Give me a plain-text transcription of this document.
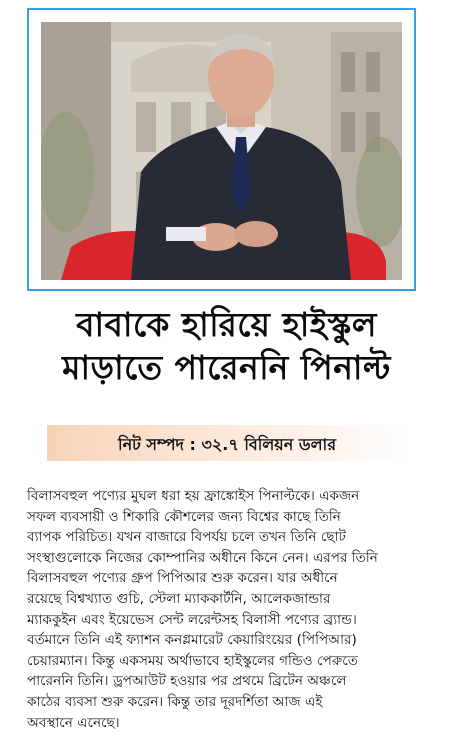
বাবাকে হারিয়ে হাইস্কুল
মাড়াতে পারেননি পিনাল্ট
নিট সম্পদ : ৩২.৭ বিলিয়ন ডলার
বিলাসবহুল পণ্যের মুঘল ধরা হয় ফ্রাঙ্কোইস পিনাল্টকে। একজন
সফল ব্যবসায়ী ও শিকারি কৌশলের জন্য বিশ্বের কাছে তিনি
ব্যাপক পরিচিত। যখন বাজারে বিপর্যয় চলে তখন তিনি ছোট
সংস্থাগুলোকে নিজের কোম্পানির অধীনে কিনে নেন। এরপর তিনি
বিলাসবহুল পণ্যের গ্রুপ পিপিআর শুরু করেন। যার অধীনে
রয়েছে বিশ্বখ্যাত গুচি, স্টেলা ম্যাককার্টনি, আলেকজান্ডার
ম্যাককুইন এবং ইয়েভেস সেন্ট লরেন্টসহ বিলাসী পণ্যের ব্র্যান্ড।
বর্তমানে তিনি এই ফ্যাশন কনগ্লমারেট কেয়ারিংয়ের (পিপিআর)
চেয়ারম্যান। কিন্তু একসময় অর্থাভাবে হাইস্কুলের গন্ডিও পেরুতে
পারেননি তিনি। ড্রপআউট হওয়ার পর প্রথমে ব্রিটেন অঞ্চলে
কাঠের ব্যবসা শুরু করেন। কিন্তু তার দূরদর্শিতা আজ এই
অবস্থানে এনেছে।
